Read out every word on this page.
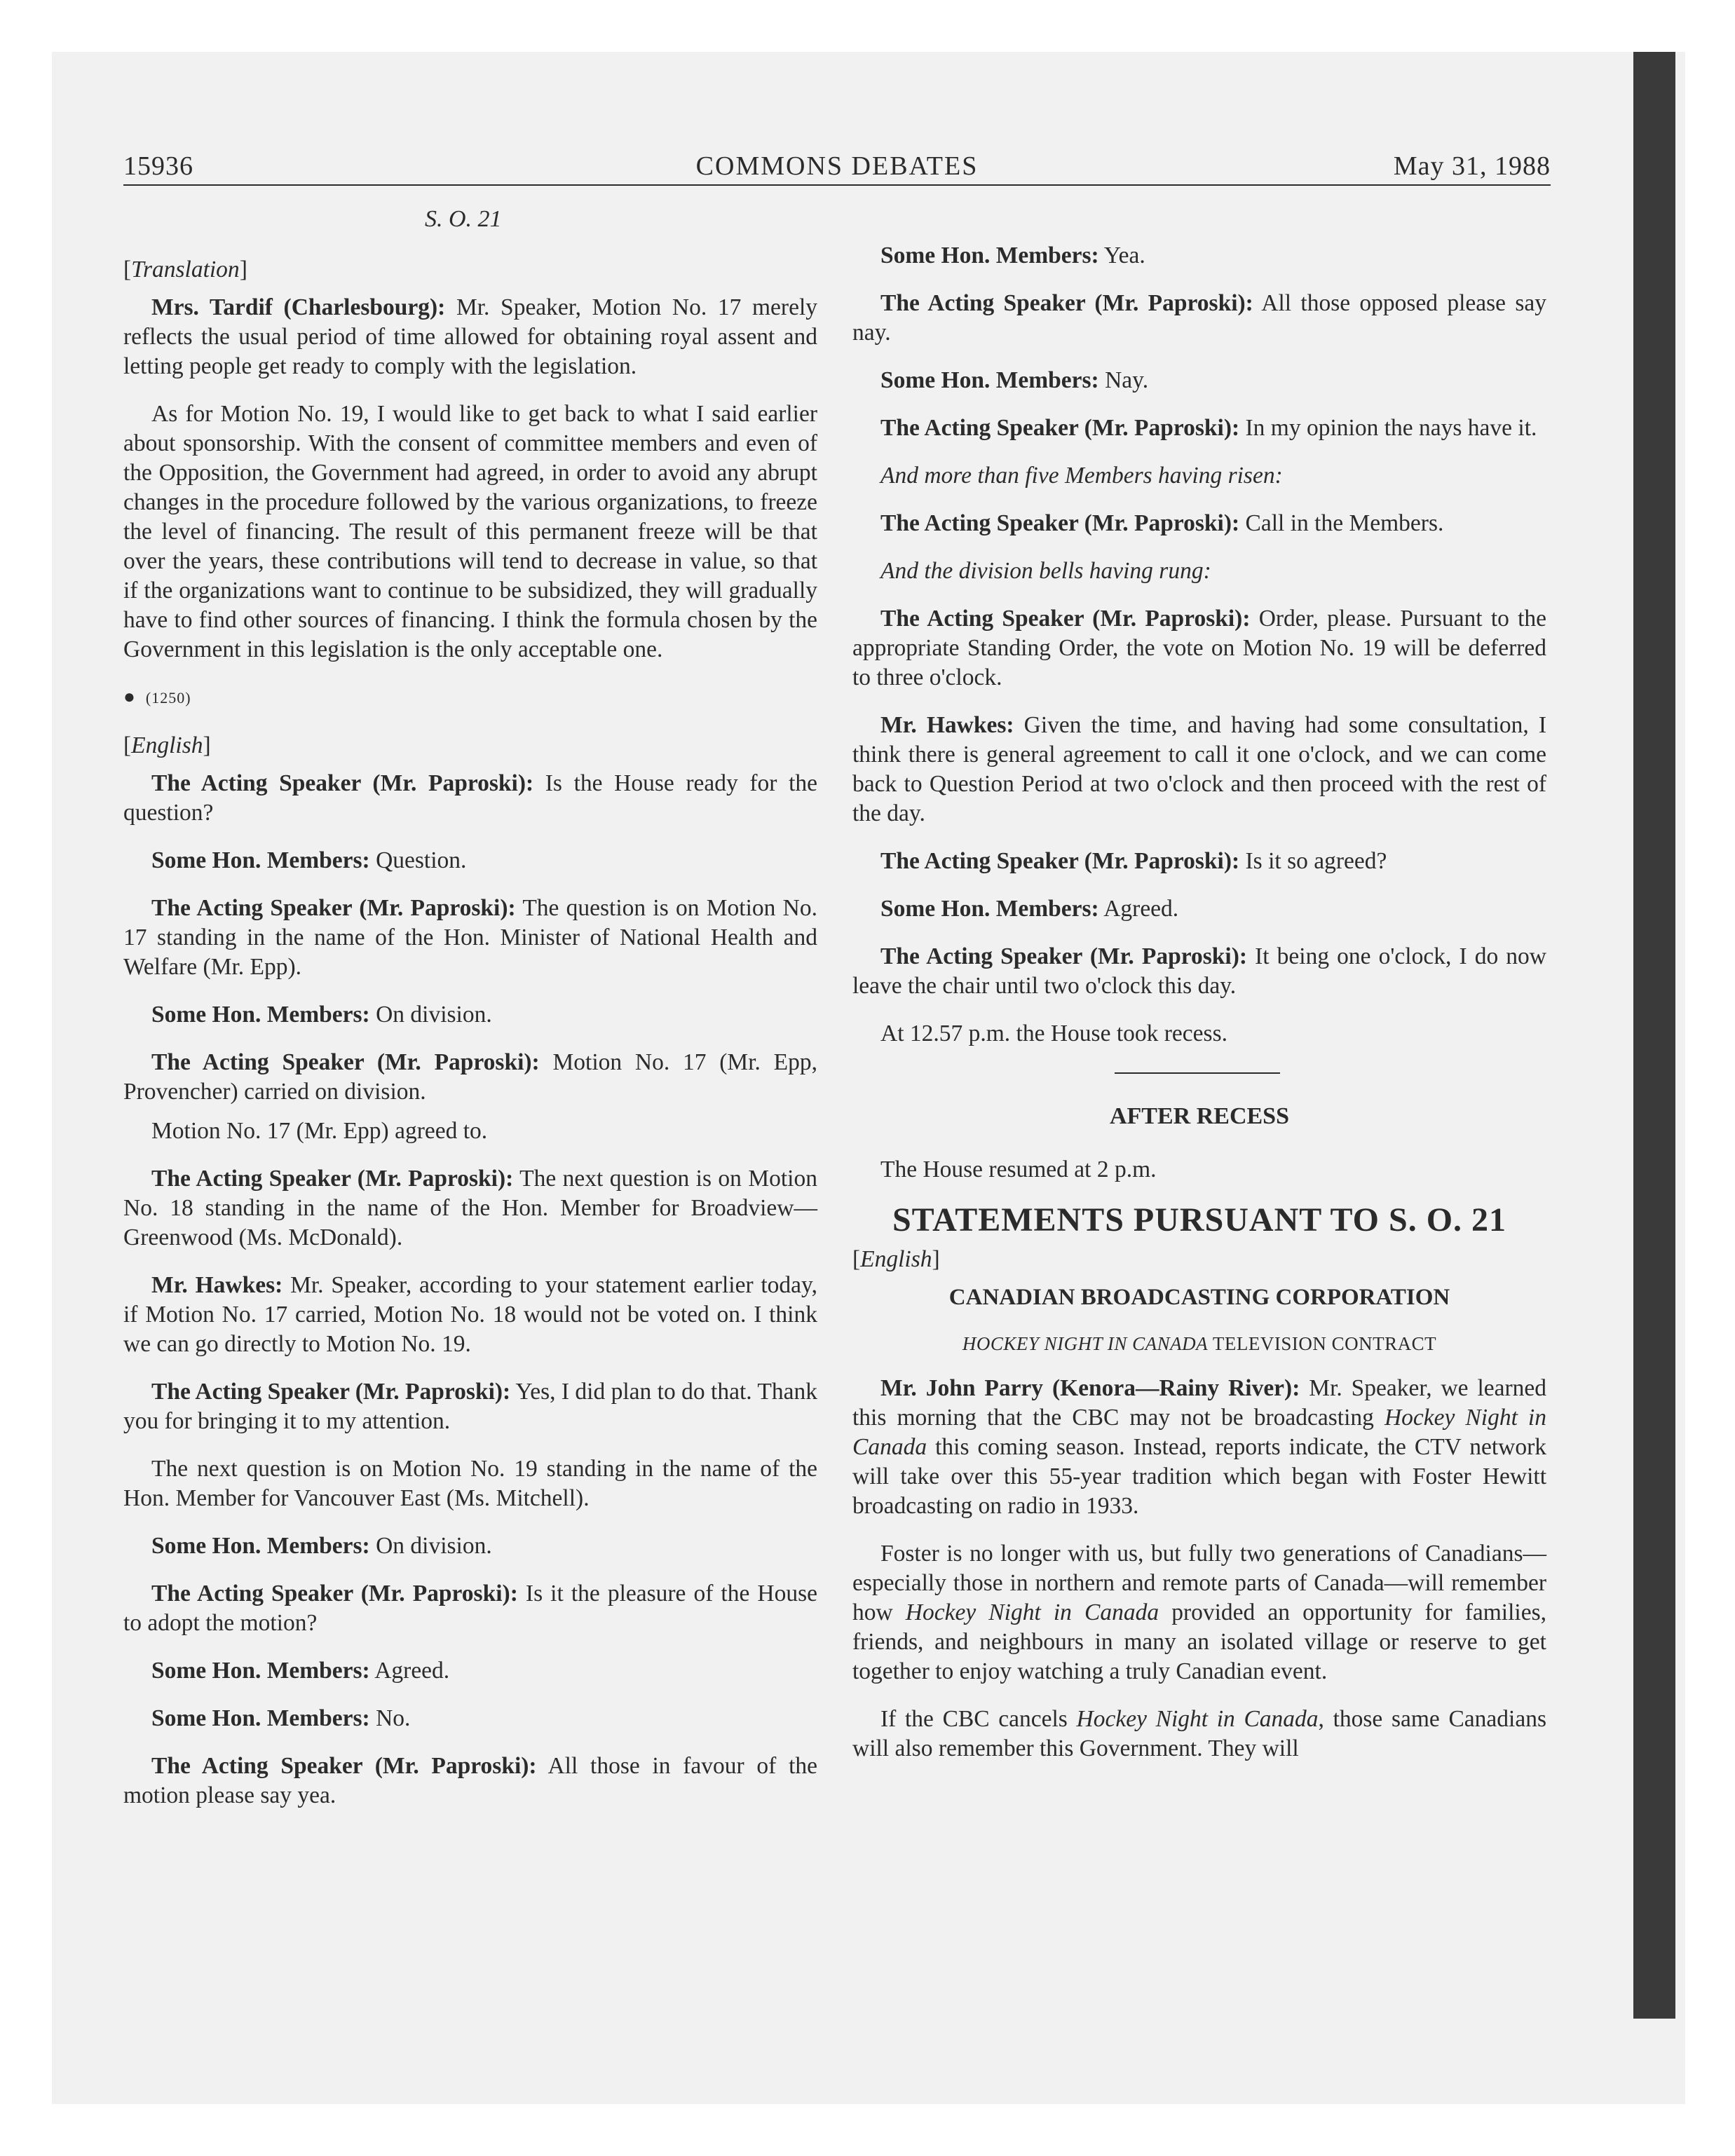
15936	COMMONS DEBATES	May 31, 1988
S. O. 21
[Translation]

Mrs. Tardif (Charlesbourg): Mr. Speaker, Motion No. 17 merely reflects the usual period of time allowed for obtaining royal assent and letting people get ready to comply with the legislation.

As for Motion No. 19, I would like to get back to what I said earlier about sponsorship. With the consent of committee members and even of the Opposition, the Government had agreed, in order to avoid any abrupt changes in the procedure followed by the various organizations, to freeze the level of financing. The result of this permanent freeze will be that over the years, these contributions will tend to decrease in value, so that if the organizations want to continue to be subsidized, they will gradually have to find other sources of financing. I think the formula chosen by the Government in this legislation is the only acceptable one.

● (1250)
[English]

The Acting Speaker (Mr. Paproski): Is the House ready for the question?

Some Hon. Members: Question.

The Acting Speaker (Mr. Paproski): The question is on Motion No. 17 standing in the name of the Hon. Minister of National Health and Welfare (Mr. Epp).

Some Hon. Members: On division.

The Acting Speaker (Mr. Paproski): Motion No. 17 (Mr. Epp, Provencher) carried on division.

Motion No. 17 (Mr. Epp) agreed to.

The Acting Speaker (Mr. Paproski): The next question is on Motion No. 18 standing in the name of the Hon. Member for Broadview—Greenwood (Ms. McDonald).

Mr. Hawkes: Mr. Speaker, according to your statement earlier today, if Motion No. 17 carried, Motion No. 18 would not be voted on. I think we can go directly to Motion No. 19.

The Acting Speaker (Mr. Paproski): Yes, I did plan to do that. Thank you for bringing it to my attention.

The next question is on Motion No. 19 standing in the name of the Hon. Member for Vancouver East (Ms. Mitchell).

Some Hon. Members: On division.

The Acting Speaker (Mr. Paproski): Is it the pleasure of the House to adopt the motion?

Some Hon. Members: Agreed.

Some Hon. Members: No.

The Acting Speaker (Mr. Paproski): All those in favour of the motion please say yea.

Some Hon. Members: Yea.

The Acting Speaker (Mr. Paproski): All those opposed please say nay.

Some Hon. Members: Nay.

The Acting Speaker (Mr. Paproski): In my opinion the nays have it.

And more than five Members having risen:

The Acting Speaker (Mr. Paproski): Call in the Members.

And the division bells having rung:

The Acting Speaker (Mr. Paproski): Order, please. Pursuant to the appropriate Standing Order, the vote on Motion No. 19 will be deferred to three o'clock.

Mr. Hawkes: Given the time, and having had some consultation, I think there is general agreement to call it one o'clock, and we can come back to Question Period at two o'clock and then proceed with the rest of the day.

The Acting Speaker (Mr. Paproski): Is it so agreed?

Some Hon. Members: Agreed.

The Acting Speaker (Mr. Paproski): It being one o'clock, I do now leave the chair until two o'clock this day.

At 12.57 p.m. the House took recess.

AFTER RECESS

The House resumed at 2 p.m.

STATEMENTS PURSUANT TO S. O. 21
[English]
CANADIAN BROADCASTING CORPORATION
HOCKEY NIGHT IN CANADA TELEVISION CONTRACT

Mr. John Parry (Kenora—Rainy River): Mr. Speaker, we learned this morning that the CBC may not be broadcasting Hockey Night in Canada this coming season. Instead, reports indicate, the CTV network will take over this 55-year tradition which began with Foster Hewitt broadcasting on radio in 1933.

Foster is no longer with us, but fully two generations of Canadians—especially those in northern and remote parts of Canada—will remember how Hockey Night in Canada provided an opportunity for families, friends, and neighbours in many an isolated village or reserve to get together to enjoy watching a truly Canadian event.

If the CBC cancels Hockey Night in Canada, those same Canadians will also remember this Government. They will
